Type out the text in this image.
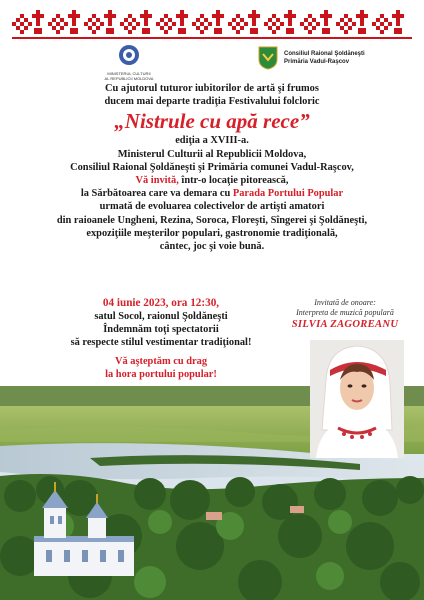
MINISTERUL CULTURII
AL REPUBLICII MOLDOVA
Consiliul Raional Şoldăneşti
Primăria Vadul-Raşcov
Cu ajutorul tuturor iubitorilor de artă şi frumos
ducem mai departe tradiţia Festivalului folcloric
„Nistrule cu apă rece”
ediţia a XVIII-a.
Ministerul Culturii al Republicii Moldova,
Consiliul Raional Şoldăneşti şi Primăria comunei Vadul-Raşcov,
Vă invită, într-o locaţie pitorească,
la Sărbătoarea care va demara cu Parada Portului Popular
urmată de evoluarea colectivelor de artişti amatori
din raioanele Ungheni, Rezina, Soroca, Floreşti, Sîngerei şi Şoldăneşti,
expoziţiile meşterilor populari, gastronomie tradiţională,
cântec, joc şi voie bună.
04 iunie 2023, ora 12:30,
satul Socol, raionul Şoldăneşti
Îndemnăm toţi spectatorii
să respecte stilul vestimentar tradiţional!
Vă aşteptăm cu drag
la hora portului popular!
Invitată de onoare:
Interpreta de muzică populară
SILVIA ZAGOREANU
